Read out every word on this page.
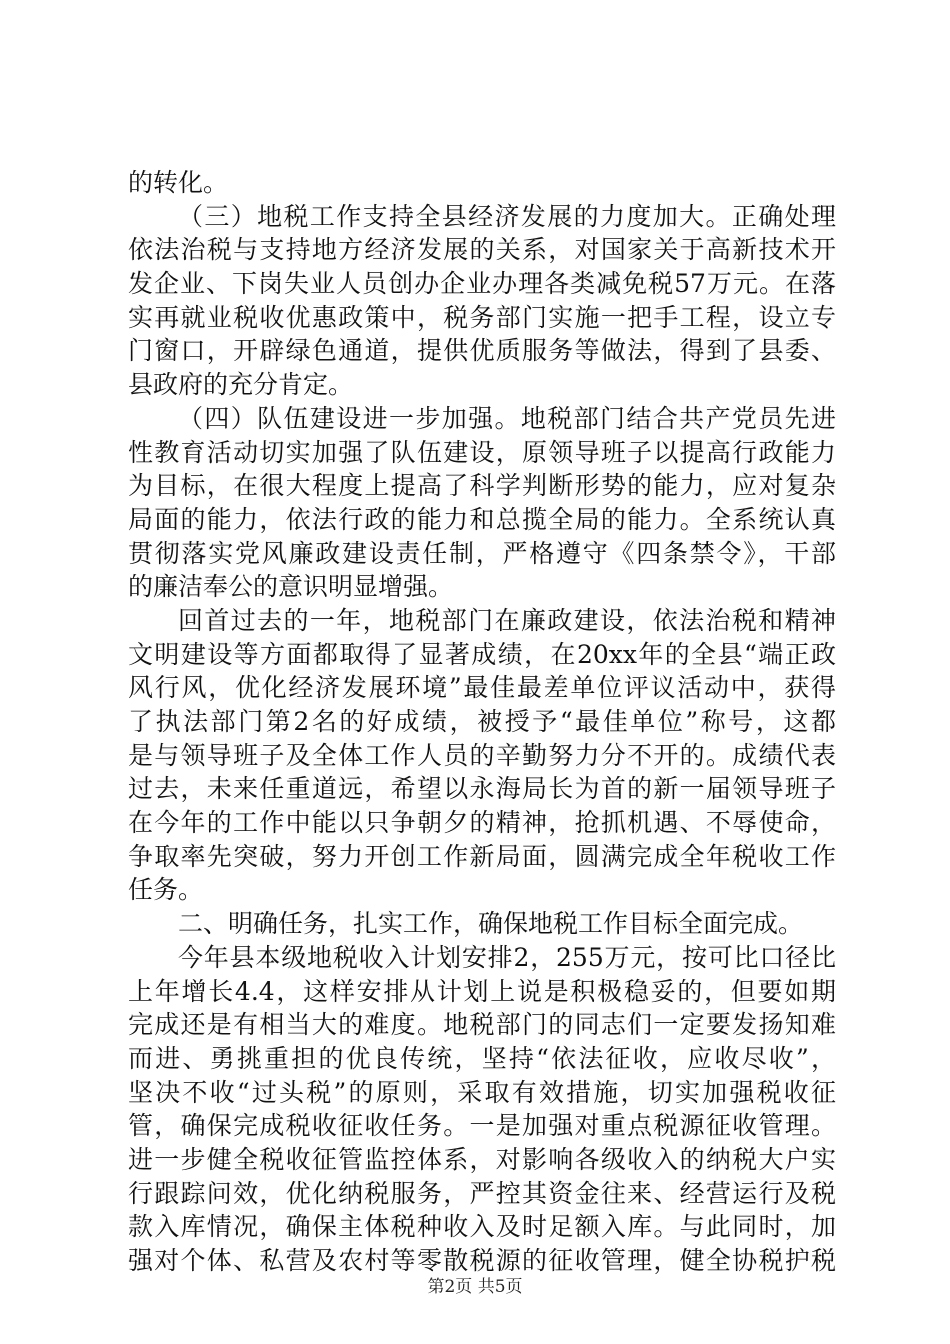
的转化。
（三）地税工作支持全县经济发展的力度加大。正确处理
依法治税与支持地方经济发展的关系，对国家关于高新技术开
发企业、下岗失业人员创办企业办理各类减免税57万元。在落
实再就业税收优惠政策中，税务部门实施一把手工程，设立专
门窗口，开辟绿色通道，提供优质服务等做法，得到了县委、
县政府的充分肯定。
（四）队伍建设进一步加强。地税部门结合共产党员先进
性教育活动切实加强了队伍建设，原领导班子以提高行政能力
为目标，在很大程度上提高了科学判断形势的能力，应对复杂
局面的能力，依法行政的能力和总揽全局的能力。全系统认真
贯彻落实党风廉政建设责任制，严格遵守《四条禁令》，干部
的廉洁奉公的意识明显增强。
回首过去的一年，地税部门在廉政建设，依法治税和精神
文明建设等方面都取得了显著成绩，在20xx年的全县“端正政
风行风，优化经济发展环境”最佳最差单位评议活动中，获得
了执法部门第2名的好成绩，被授予“最佳单位”称号，这都
是与领导班子及全体工作人员的辛勤努力分不开的。成绩代表
过去，未来任重道远，希望以永海局长为首的新一届领导班子
在今年的工作中能以只争朝夕的精神，抢抓机遇、不辱使命，
争取率先突破，努力开创工作新局面，圆满完成全年税收工作
任务。
二、明确任务，扎实工作，确保地税工作目标全面完成。
今年县本级地税收入计划安排2，255万元，按可比口径比
上年增长4.4，这样安排从计划上说是积极稳妥的，但要如期
完成还是有相当大的难度。地税部门的同志们一定要发扬知难
而进、勇挑重担的优良传统，坚持“依法征收，应收尽收”，
坚决不收“过头税”的原则，采取有效措施，切实加强税收征
管，确保完成税收征收任务。一是加强对重点税源征收管理。
进一步健全税收征管监控体系，对影响各级收入的纳税大户实
行跟踪问效，优化纳税服务，严控其资金往来、经营运行及税
款入库情况，确保主体税种收入及时足额入库。与此同时，加
强对个体、私营及农村等零散税源的征收管理，健全协税护税
第2页 共5页
